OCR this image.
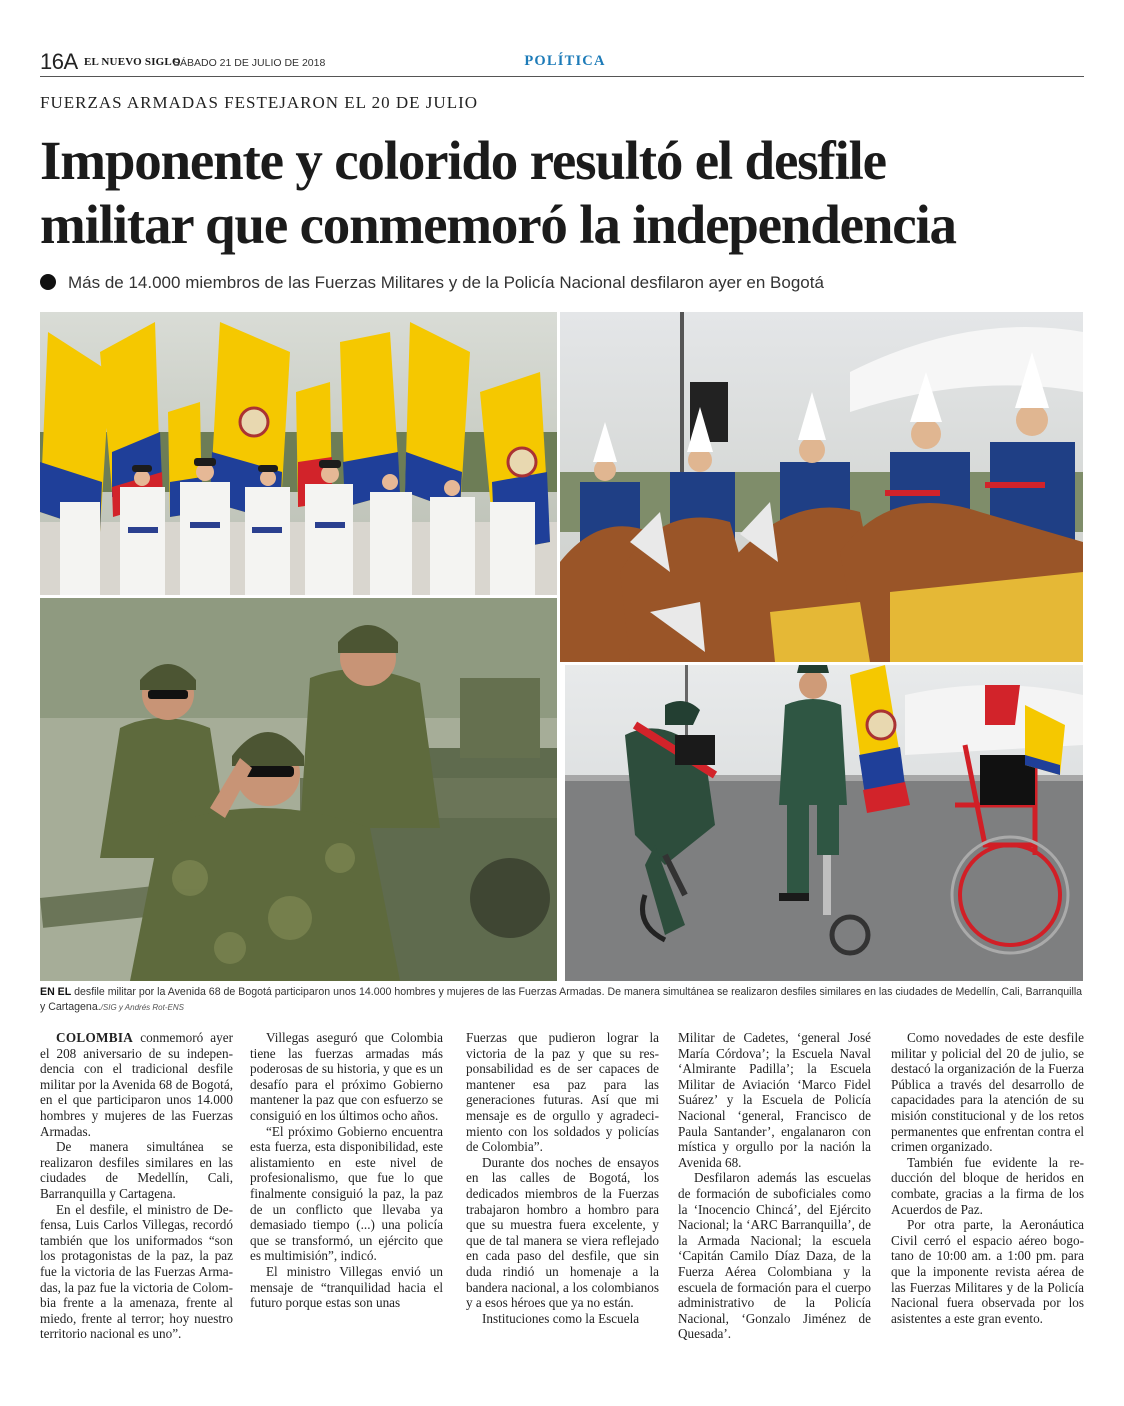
16A EL NUEVO SIGLO
SÁBADO 21 DE JULIO DE 2018	POLÍTICA
FUERZAS ARMADAS FESTEJARON EL 20 DE JULIO
Imponente y colorido resultó el desfile
militar que conmemoró la independencia
Más de 14.000 miembros de las Fuerzas Militares y de la Policía Nacional desfilaron ayer en Bogotá
EN EL desfile militar por la Avenida 68 de Bogotá participaron unos 14.000 hombres y mujeres de las Fuerzas Armadas. De manera simultánea se realizaron desfiles similares en las ciudades de Medellín, Cali, Barranquilla y Cartagena./SIG y Andrés Rot-ENS

COLOMBIA conmemoró ayer el 208 aniversario de su independencia con el tradicional desfile militar por la Avenida 68 de Bogotá, en el que participaron unos 14.000 hombres y mujeres de las Fuerzas Armadas.

De manera simultánea se realizaron desfiles similares en las ciudades de Medellín, Cali, Barranquilla y Cartagena.

En el desfile, el ministro de Defensa, Luis Carlos Villegas, recordó también que los uniformados “son los protagonistas de la paz, la paz fue la victoria de las Fuerzas Armadas, la paz fue la victoria de Colombia frente a la amenaza, frente al miedo, frente al terror; hoy nuestro territorio nacional es uno”.

Villegas aseguró que Colombia tiene las fuerzas armadas más poderosas de su historia, y que es un desafío para el próximo Gobierno mantener la paz que con esfuerzo se consiguió en los últimos ocho años.

“El próximo Gobierno encuentra esta fuerza, esta disponibilidad, este alistamiento en este nivel de profesionalismo, que fue lo que finalmente consiguió la paz, la paz de un conflicto que llevaba ya demasiado tiempo (...) una policía que se transformó, un ejército que es multimisión”, indicó.

El ministro Villegas envió un mensaje de “tranquilidad hacia el futuro porque estas son unas

Fuerzas que pudieron lograr la victoria de la paz y que su responsabilidad es de ser capaces de mantener esa paz para las generaciones futuras. Así que mi mensaje es de orgullo y agradecimiento con los soldados y policías de Colombia”.

Durante dos noches de ensayos en las calles de Bogotá, los dedicados miembros de la Fuerzas trabajaron hombro a hombro para que su muestra fuera excelente, y que de tal manera se viera reflejado en cada paso del desfile, que sin duda rindió un homenaje a la bandera nacional, a los colombianos y a esos héroes que ya no están.

Instituciones como la Escuela

Militar de Cadetes, ‘general José María Córdova’; la Escuela Naval ‘Almirante Padilla’; la Escuela Militar de Aviación ‘Marco Fidel Suárez’ y la Escuela de Policía Nacional ‘general, Francisco de Paula Santander’, engalanaron con mística y orgullo por la nación la Avenida 68.

Desfilaron además las escuelas de formación de suboficiales como la ‘Inocencio Chincá’, del Ejército Nacional; la ‘ARC Barranquilla’, de la Armada Nacional; la escuela ‘Capitán Camilo Díaz Daza, de la Fuerza Aérea Colombiana y la escuela de formación para el cuerpo administrativo de la Policía Nacional, ‘Gonzalo Jiménez de Quesada’.

Como novedades de este desfile militar y policial del 20 de julio, se destacó la organización de la Fuerza Pública a través del desarrollo de capacidades para la atención de su misión constitucional y de los retos permanentes que enfrentan contra el crimen organizado.

También fue evidente la reducción del bloque de heridos en combate, gracias a la firma de los Acuerdos de Paz.

Por otra parte, la Aeronáutica Civil cerró el espacio aéreo bogotano de 10:00 am. a 1:00 pm. para que la imponente revista aérea de las Fuerzas Militares y de la Policía Nacional fuera observada por los asistentes a este gran evento.
